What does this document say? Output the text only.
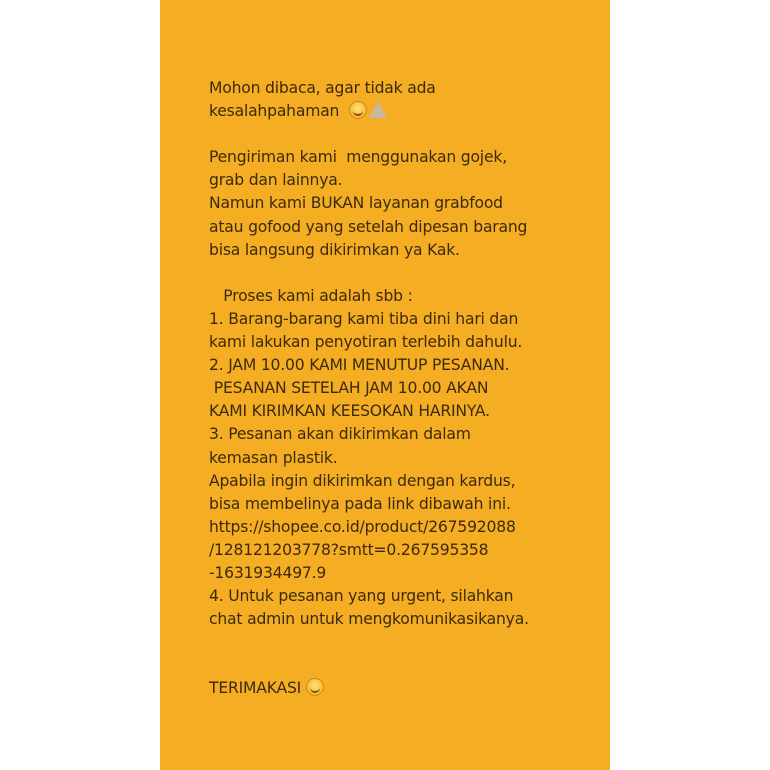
Mohon dibaca, agar tidak ada
kesalahpahaman
Pengiriman kami  menggunakan gojek,
grab dan lainnya.
Namun kami BUKAN layanan grabfood
atau gofood yang setelah dipesan barang
bisa langsung dikirimkan ya Kak.
Proses kami adalah sbb :
1. Barang-barang kami tiba dini hari dan
kami lakukan penyotiran terlebih dahulu.
2. JAM 10.00 KAMI MENUTUP PESANAN.
PESANAN SETELAH JAM 10.00 AKAN
KAMI KIRIMKAN KEESOKAN HARINYA.
3. Pesanan akan dikirimkan dalam
kemasan plastik.
Apabila ingin dikirimkan dengan kardus,
bisa membelinya pada link dibawah ini.
https://shopee.co.id/product/267592088
/128121203778?smtt=0.267595358
-1631934497.9
4. Untuk pesanan yang urgent, silahkan
chat admin untuk mengkomunikasikanya.
TERIMAKASI
